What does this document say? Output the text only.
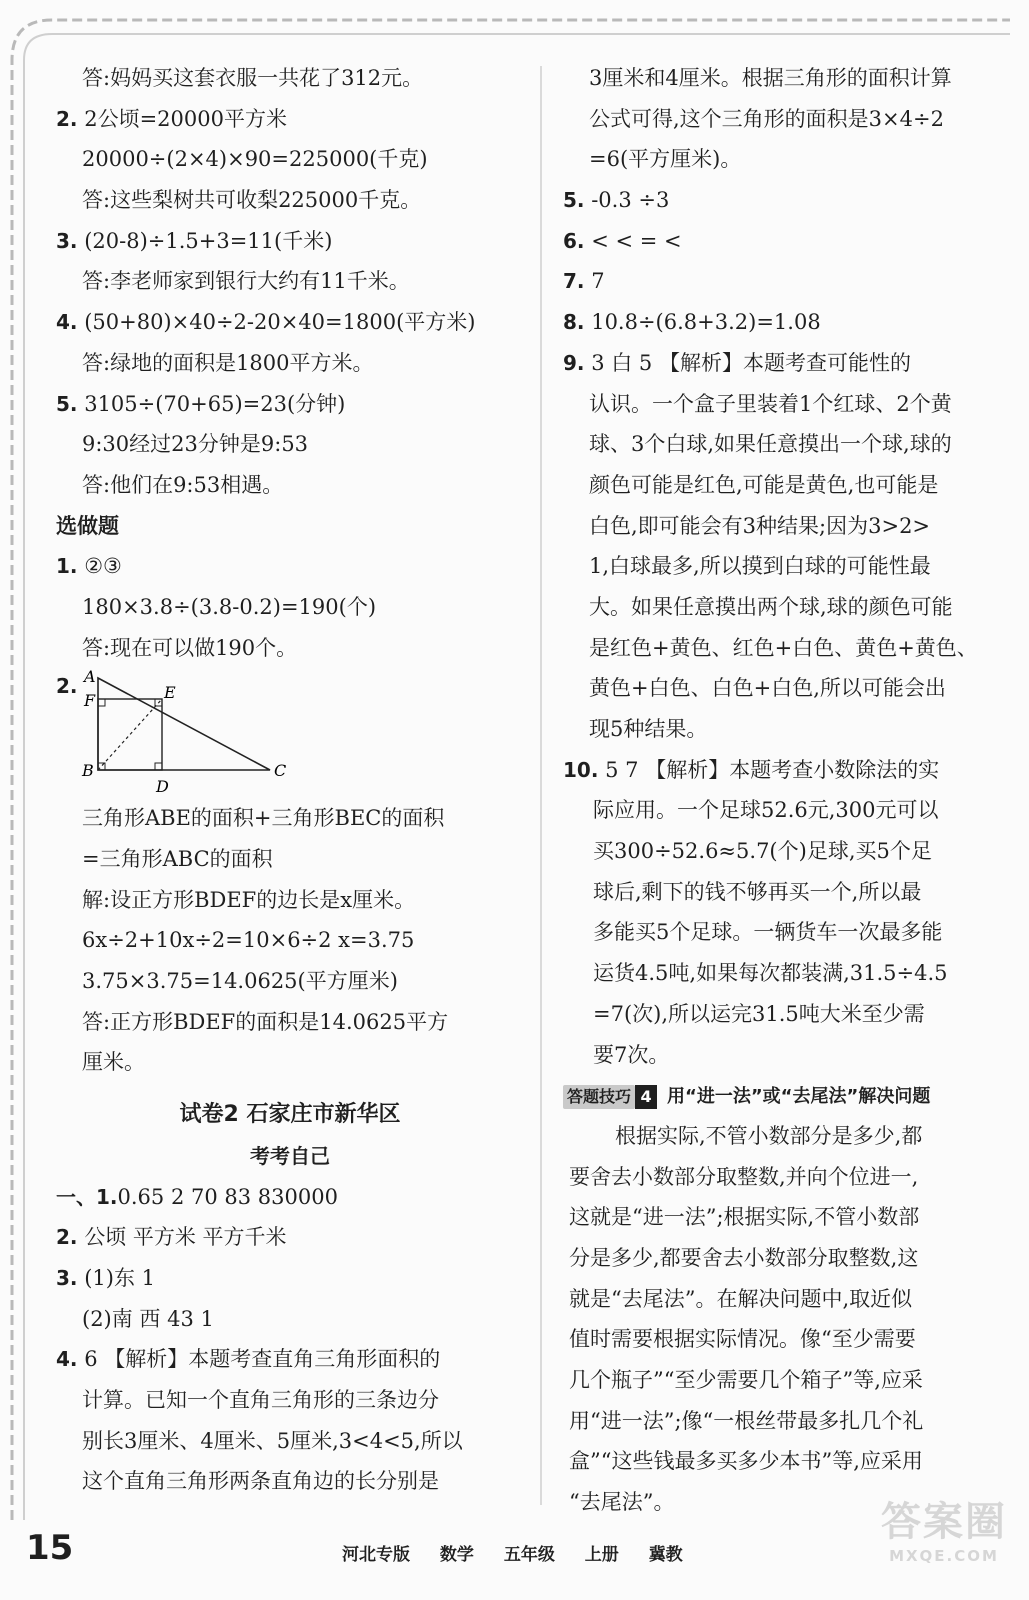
答:妈妈买这套衣服一共花了312元。
2. 2公顷=20000平方米
20000÷(2×4)×90=225000(千克)
答:这些梨树共可收梨225000千克。
3. (20-8)÷1.5+3=11(千米)
答:李老师家到银行大约有11千米。
4. (50+80)×40÷2-20×40=1800(平方米)
答:绿地的面积是1800平方米。
5. 3105÷(70+65)=23(分钟)
9:30经过23分钟是9:53
答:他们在9:53相遇。
选做题
1. ②③
180×3.8÷(3.8-0.2)=190(个)
答:现在可以做190个。
2. A
E
F
B
D
C
三角形ABE的面积+三角形BEC的面积
=三角形ABC的面积
解:设正方形BDEF的边长是x厘米。
6x÷2+10x÷2=10×6÷2 x=3.75
3.75×3.75=14.0625(平方厘米)
答:正方形BDEF的面积是14.0625平方
厘米。
试卷2 石家庄市新华区
考考自己
一、1.0.65 2 70 83 830000
2. 公顷 平方米 平方千米
3. (1)东 1
(2)南 西 43 1
4. 6 【解析】本题考查直角三角形面积的
计算。已知一个直角三角形的三条边分
别长3厘米、4厘米、5厘米,3<4<5,所以
这个直角三角形两条直角边的长分别是
3厘米和4厘米。根据三角形的面积计算
公式可得,这个三角形的面积是3×4÷2
=6(平方厘米)。
5. -0.3 ÷3
6. < < = <
7. 7
8. 10.8÷(6.8+3.2)=1.08
9. 3 白 5 【解析】本题考查可能性的
认识。一个盒子里装着1个红球、2个黄
球、3个白球,如果任意摸出一个球,球的
颜色可能是红色,可能是黄色,也可能是
白色,即可能会有3种结果;因为3>2>
1,白球最多,所以摸到白球的可能性最
大。如果任意摸出两个球,球的颜色可能
是红色+黄色、红色+白色、黄色+黄色、
黄色+白色、白色+白色,所以可能会出
现5种结果。
10. 5 7 【解析】本题考查小数除法的实
际应用。一个足球52.6元,300元可以
买300÷52.6≈5.7(个)足球,买5个足
球后,剩下的钱不够再买一个,所以最
多能买5个足球。一辆货车一次最多能
运货4.5吨,如果每次都装满,31.5÷4.5
=7(次),所以运完31.5吨大米至少需
要7次。
答题技巧 4 用“进一法”或“去尾法”解决问题
根据实际,不管小数部分是多少,都
要舍去小数部分取整数,并向个位进一,
这就是“进一法”;根据实际,不管小数部
分是多少,都要舍去小数部分取整数,这
就是“去尾法”。在解决问题中,取近似
值时需要根据实际情况。像“至少需要
几个瓶子”“至少需要几个箱子”等,应采
用“进一法”;像“一根丝带最多扎几个礼
盒”“这些钱最多买多少本书”等,应采用
“去尾法”。	答案圈
MXQE.COM
15	河北专版 数学 五年级 上册 冀教
